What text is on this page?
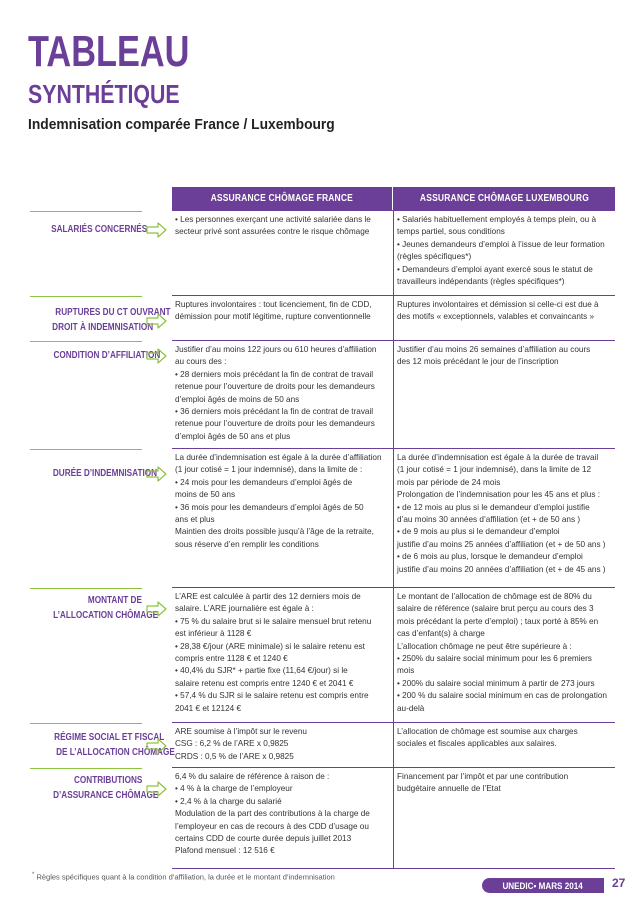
TABLEAU
SYNTHÉTIQUE
Indemnisation comparée France / Luxembourg
ASSURANCE CHÔMAGE FRANCE	ASSURANCE CHÔMAGE LUXEMBOURG
• Les personnes exerçant une activité salariée dans le
secteur privé sont assurées contre le risque chômage
• Salariés habituellement employés à temps plein, ou à
temps partiel, sous conditions
• Jeunes demandeurs d’emploi à l’issue de leur formation
(règles spécifiques*)
• Demandeurs d’emploi ayant exercé sous le statut de
travailleurs indépendants (règles spécifiques*)
Ruptures involontaires : tout licenciement, fin de CDD,
démission pour motif légitime, rupture conventionnelle
Ruptures involontaires et démission si celle-ci est due à
des motifs « exceptionnels, valables et convaincants »
Justifier d’au moins 122 jours ou 610 heures d’affiliation
au cours des :
• 28 derniers mois précédant la fin de contrat de travail
retenue pour l’ouverture de droits pour les demandeurs
d’emploi âgés de moins de 50 ans
• 36 derniers mois précédant la fin de contrat de travail
retenue pour l’ouverture de droits pour les demandeurs
d’emploi âgés de 50 ans et plus
Justifier d’au moins 26 semaines d’affiliation au cours
des 12 mois précédant le jour de l’inscription
La durée d’indemnisation est égale à la durée d’affiliation
(1 jour cotisé = 1 jour indemnisé), dans la limite de :
• 24 mois pour les demandeurs d’emploi âgés de
moins de 50 ans
• 36 mois pour les demandeurs d’emploi âgés de 50
ans et plus
Maintien des droits possible jusqu’à l’âge de la retraite,
sous réserve d’en remplir les conditions
La durée d’indemnisation est égale à la durée de travail
(1 jour cotisé = 1 jour indemnisé), dans la limite de 12
mois par période de 24 mois
Prolongation de l’indemnisation pour les 45 ans et plus :
• de 12 mois au plus si le demandeur d’emploi justifie
d’au moins 30 années d’affiliation (et + de 50 ans )
• de 9 mois au plus si le demandeur d’emploi
justifie d’au moins 25 années d’affiliation (et + de 50 ans )
• de 6 mois au plus, lorsque le demandeur d’emploi
justifie d’au moins 20 années d’affiliation (et + de 45 ans )
L’ARE est calculée à partir des 12 derniers mois de
salaire. L’ARE journalière est égale à :
• 75 % du salaire brut si le salaire mensuel brut retenu
est inférieur à 1128 €
• 28,38 €/jour (ARE minimale) si le salaire retenu est
compris entre 1128 € et 1240 €
• 40,4% du SJR* + partie fixe (11,64 €/jour) si le
salaire retenu est compris entre 1240 € et 2041 €
• 57,4 % du SJR si le salaire retenu est compris entre
2041 € et 12124 €
Le montant de l’allocation de chômage est de 80% du
salaire de référence (salaire brut perçu au cours des 3
mois précédant la perte d’emploi) ; taux porté à 85% en
cas d’enfant(s) à charge
L’allocation chômage ne peut être supérieure à :
• 250% du salaire social minimum pour les 6 premiers
mois
• 200% du salaire social minimum à partir de 273 jours
• 200 % du salaire social minimum en cas de prolongation
au-delà
ARE soumise à l’impôt sur le revenu
CSG : 6,2 % de l’ARE x 0,9825
CRDS : 0,5 % de l’ARE x 0,9825
L’allocation de chômage est soumise aux charges
sociales et fiscales applicables aux salaires.
6,4 % du salaire de référence à raison de :
• 4 % à la charge de l’employeur
• 2,4 % à la charge du salarié
Modulation de la part des contributions à la charge de
l’employeur en cas de recours à des CDD d’usage ou
certains CDD de courte durée depuis juillet 2013
Plafond mensuel : 12 516 €
Financement par l’impôt et par une contribution
budgétaire annuelle de l’Etat
SALARIÉS CONCERNÉS
RUPTURES DU CT OUVRANT
DROIT À INDEMNISATION
CONDITION D’AFFILIATION
DURÉE D’INDEMNISATION
MONTANT DE
L’ALLOCATION CHÔMAGE
RÉGIME SOCIAL ET FISCAL
DE L’ALLOCATION CHÔMAGE
CONTRIBUTIONS
D’ASSURANCE CHÔMAGE
* Règles spécifiques quant à la condition d’affiliation, la durée et le montant d’indemnisation
UNEDIC• MARS 2014 27
